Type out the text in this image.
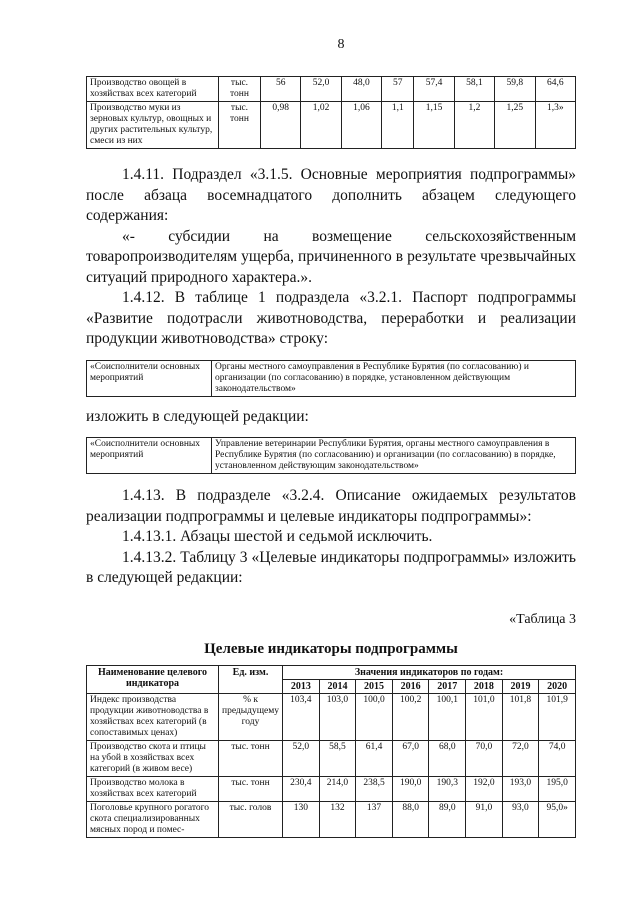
8
Производство овощей в хозяйствах всех категорий	тыс. тонн	56	52,0	48,0	57	57,4	58,1	59,8	64,6
Производство муки из зерновых культур, овощных и других растительных культур, смеси из них	тыс. тонн	0,98	1,02	1,06	1,1	1,15	1,2	1,25	1,3»
1.4.11. Подраздел «3.1.5. Основные мероприятия подпрограммы» после абзаца восемнадцатого дополнить абзацем следующего содержания:
«- субсидии на возмещение сельскохозяйственным товаропроизводителям ущерба, причиненного в результате чрезвычайных ситуаций природного характера.».
1.4.12. В таблице 1 подраздела «3.2.1. Паспорт подпрограммы «Развитие подотрасли животноводства, переработки и реализации продукции животноводства» строку:
«Соисполнители основных мероприятий	Органы местного самоуправления в Республике Бурятия (по согласованию) и организации (по согласованию) в порядке, установленном действующим законодательством»
изложить в следующей редакции:
«Соисполнители основных мероприятий	Управление ветеринарии Республики Бурятия, органы местного самоуправления в Республике Бурятия (по согласованию) и организации (по согласованию) в порядке, установленном действующим законодательством»
1.4.13. В подразделе «3.2.4. Описание ожидаемых результатов реализации подпрограммы и целевые индикаторы подпрограммы»:
1.4.13.1. Абзацы шестой и седьмой исключить.
1.4.13.2. Таблицу 3 «Целевые индикаторы подпрограммы» изложить в следующей редакции:
«Таблица 3
Целевые индикаторы подпрограммы
Наименование целевого индикатора	Ед. изм.	Значения индикаторов по годам:							
		2013	2014	2015	2016	2017	2018	2019	2020
Индекс производства продукции животноводства в хозяйствах всех категорий (в сопоставимых ценах)	% к предыдущему году	103,4	103,0	100,0	100,2	100,1	101,0	101,8	101,9
Производство скота и птицы на убой в хозяйствах всех категорий (в живом весе)	тыс. тонн	52,0	58,5	61,4	67,0	68,0	70,0	72,0	74,0
Производство молока в хозяйствах всех категорий	тыс. тонн	230,4	214,0	238,5	190,0	190,3	192,0	193,0	195,0
Поголовье крупного рогатого скота специализированных мясных пород и помес-	тыс. голов	130	132	137	88,0	89,0	91,0	93,0	95,0»
